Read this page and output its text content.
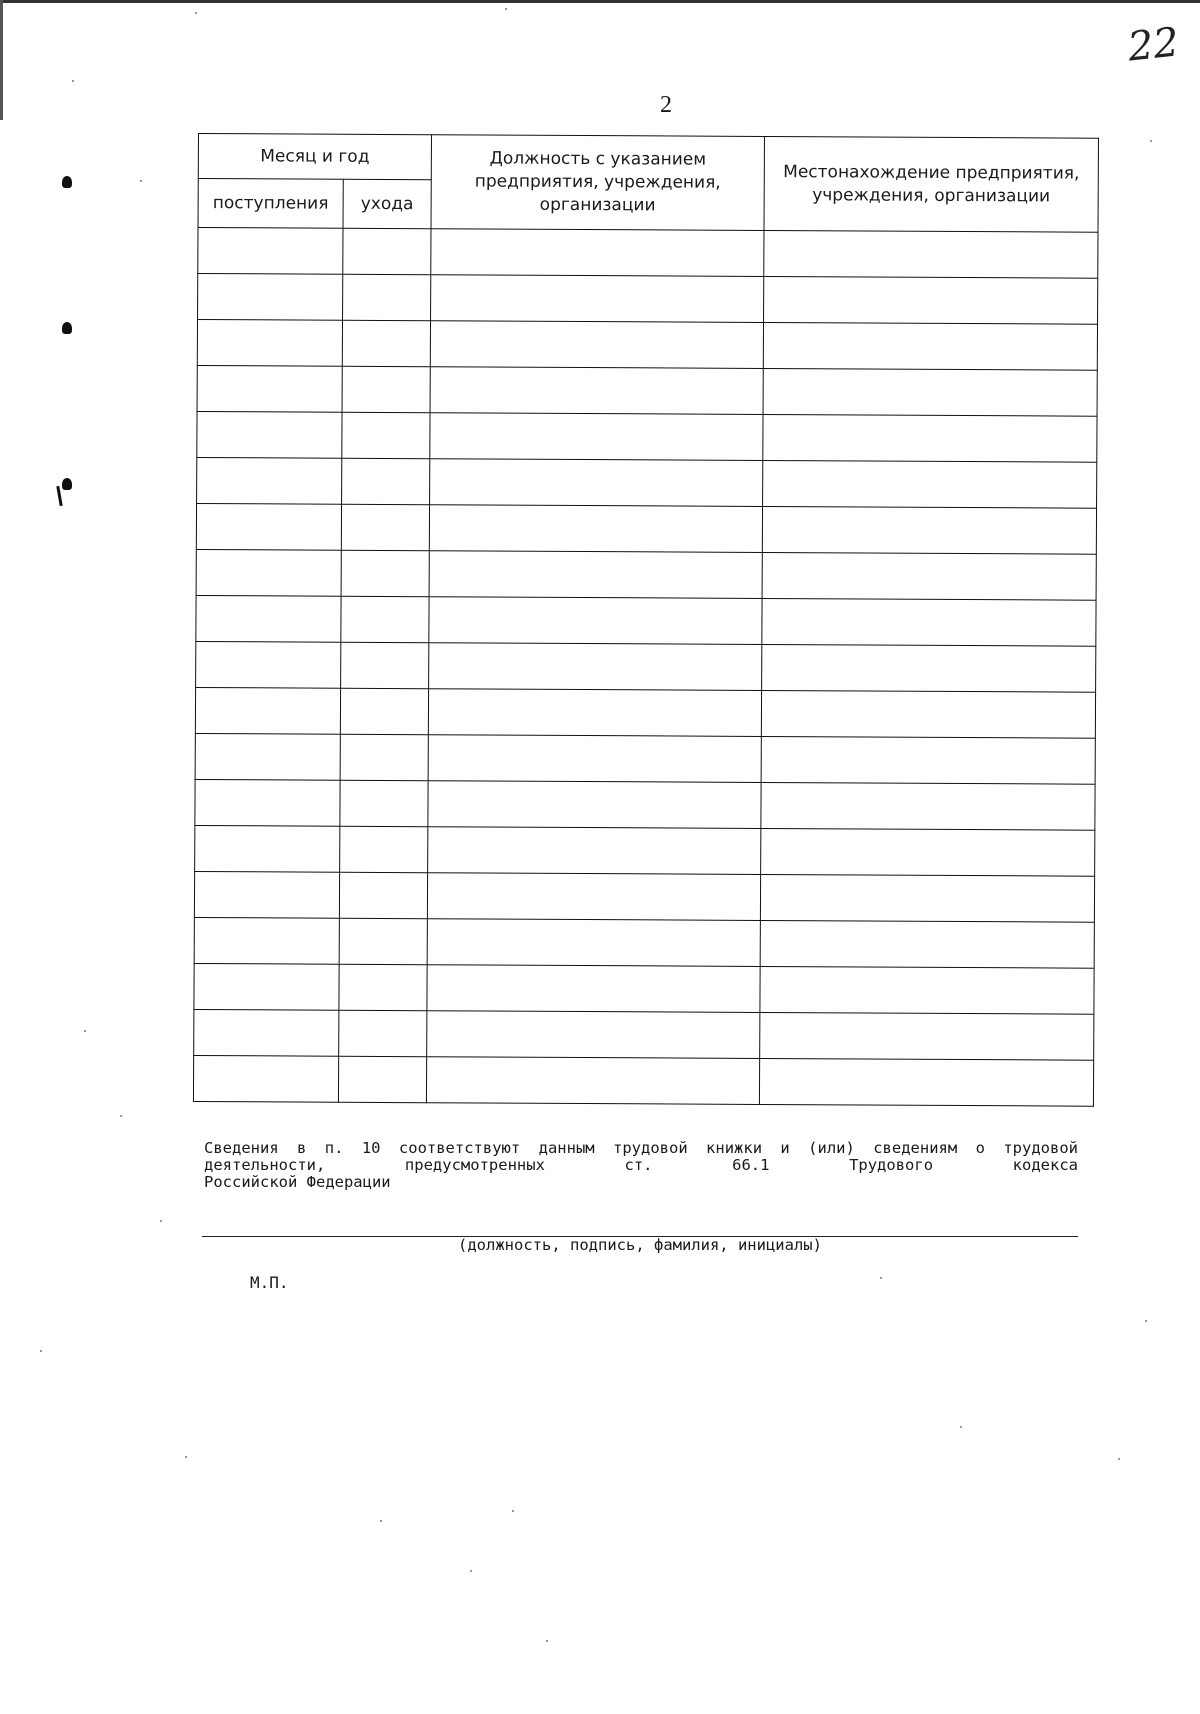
22
2
Месяц и год		Должность с указанием предприятия, учреждения, организации	Местонахождение предприятия, учреждения, организации
поступления	ухода		

Сведения в п. 10 соответствуют данным трудовой книжки и (или) сведениям о трудовой деятельности, предусмотренных ст. 66.1 Трудового кодекса
Российской Федерации
(должность, подпись, фамилия, инициалы)
М.П.
